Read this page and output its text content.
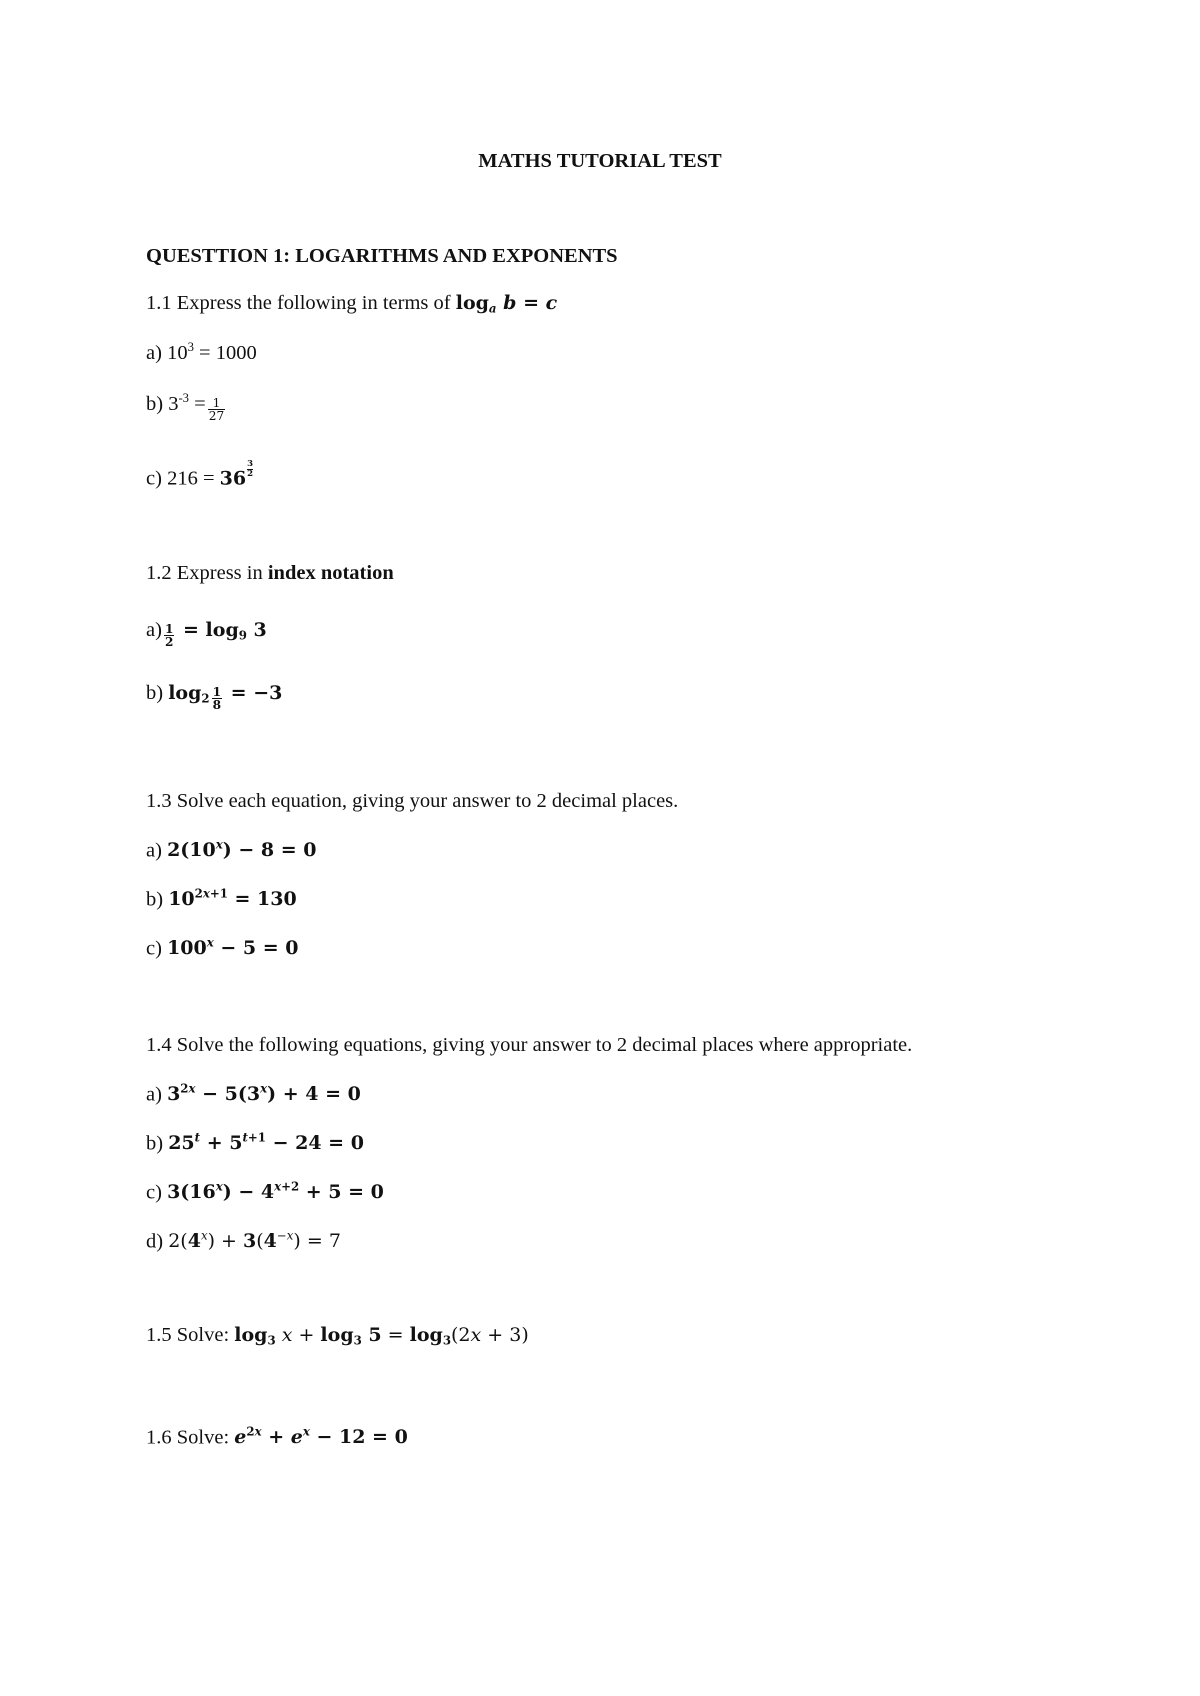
MATHS TUTORIAL TEST
QUESTTION 1: LOGARITHMS AND EXPONENTS
1.1 Express the following in terms of loga b = c
a) $10^3 = 1000$
b) $3^{-3} = \frac{1}{27}$
c) $216 = 36 \frac{3}{2}$
1.2 Express in index notation
$a) \frac{1}{2} = \log 9$ 3
b) $\log 2 \frac{1}{8} = -3$
1.3 Solve each equation, giving your answer to 2 decimal places.
a) $2(10^x) - 8 = 0$
b) $10^{2x+1} = 130$
c) $100^x - 5 = 0$
1.4 Solve the following equations, giving your answer to 2 decimal places where appropriate.
a) $3^{2x} - 5(3^x) + 4 = 0$
b) $25^t + 5^{t+1} - 24 = 0$
c) $3(16^x) - 4^{x+2} + 5 = 0$
d) $2(4^x) + 3(4^{-x}) = 7$
1.5 Solve: log3 x + log3 5 = log3(2x + 3)
1.6 Solve: $e^{2x} + e^x - 12 = 0$
